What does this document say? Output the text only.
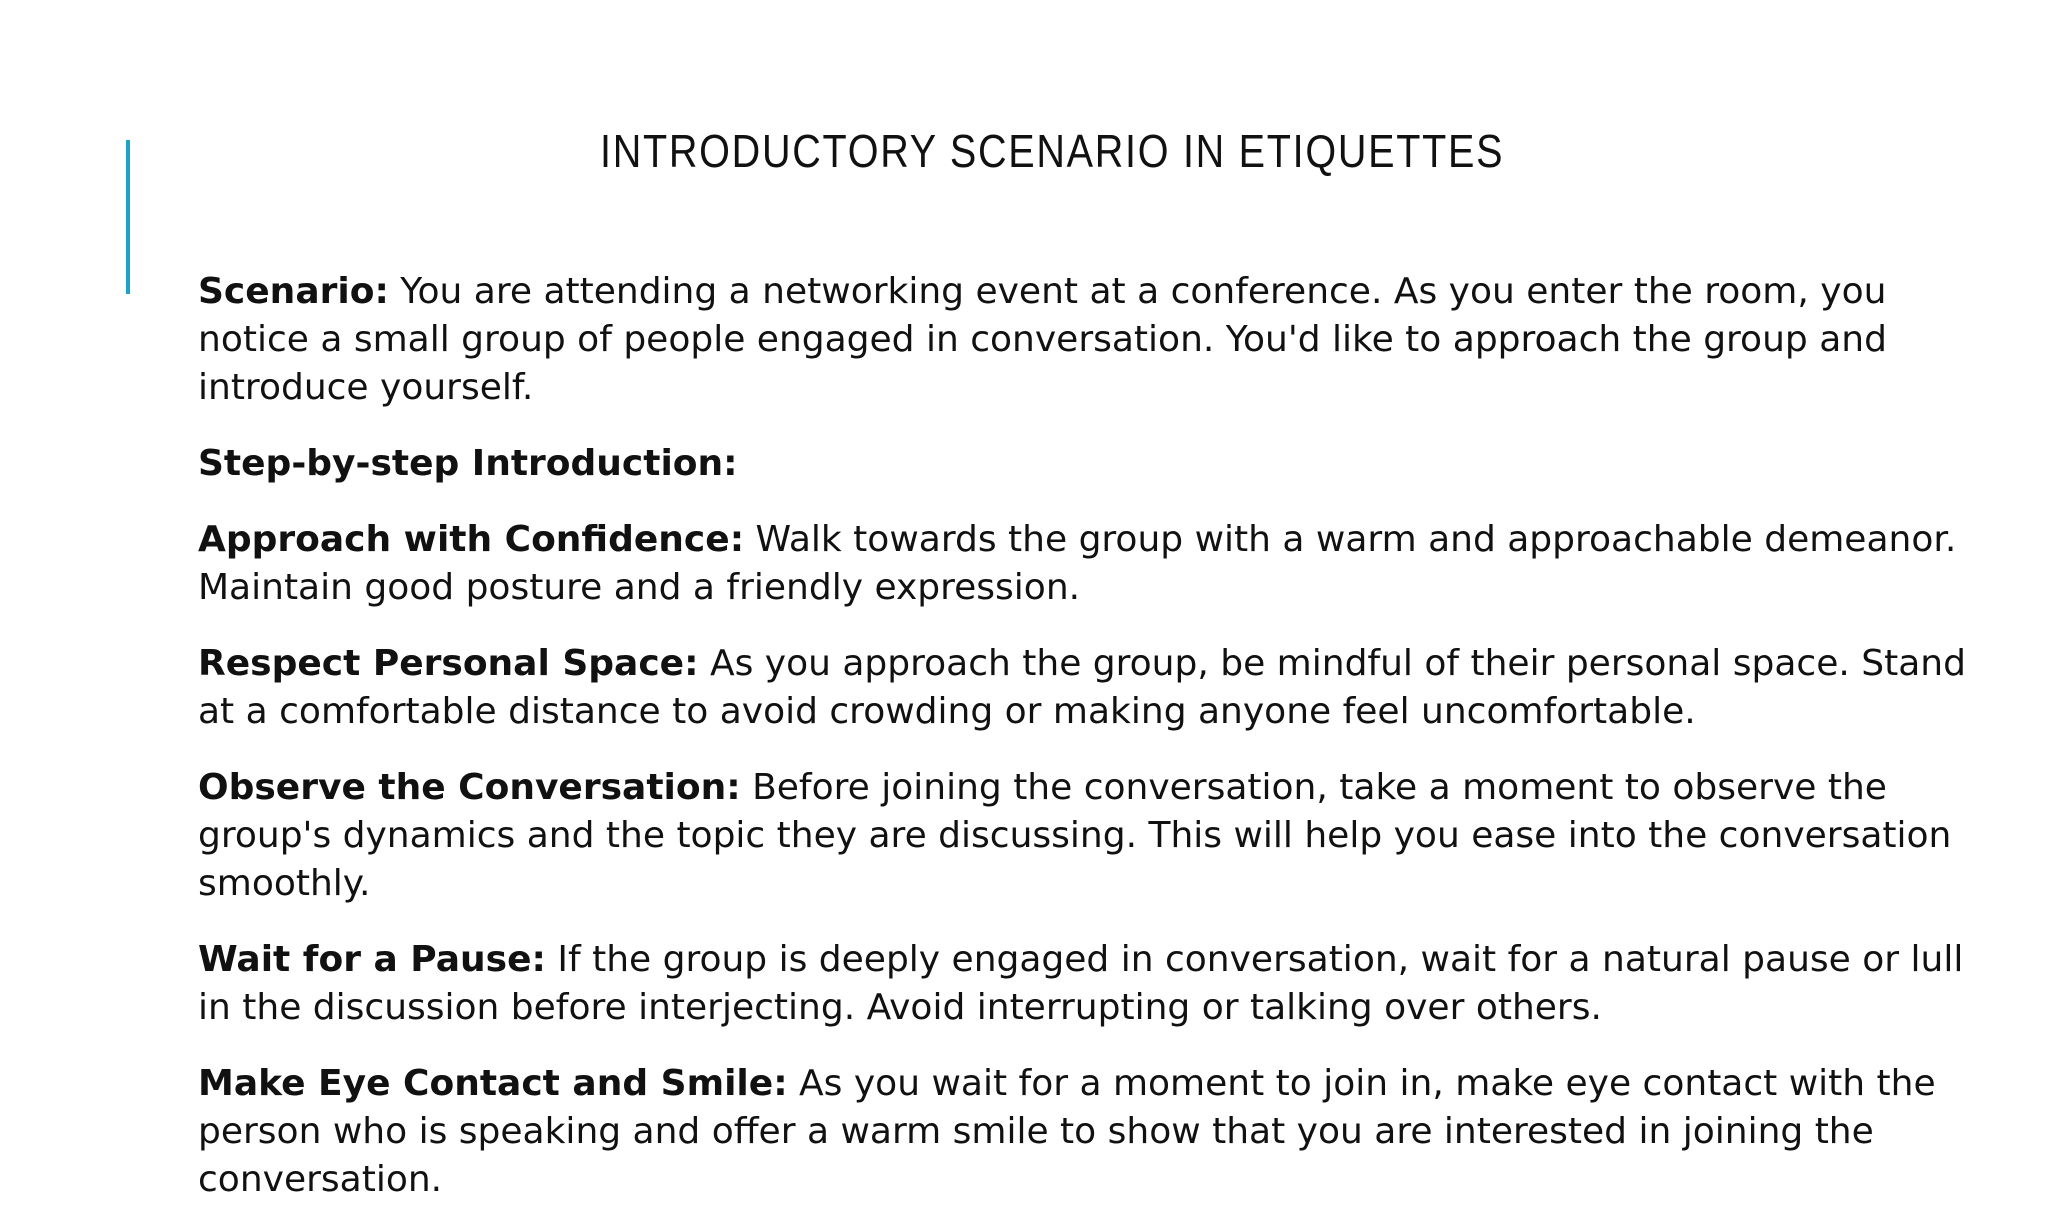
INTRODUCTORY SCENARIO IN ETIQUETTES

Scenario: You are attending a networking event at a conference. As you enter the room, you notice a small group of people engaged in conversation. You'd like to approach the group and introduce yourself.

Step-by-step Introduction:

Approach with Confidence: Walk towards the group with a warm and approachable demeanor. Maintain good posture and a friendly expression.

Respect Personal Space: As you approach the group, be mindful of their personal space. Stand at a comfortable distance to avoid crowding or making anyone feel uncomfortable.

Observe the Conversation: Before joining the conversation, take a moment to observe the group's dynamics and the topic they are discussing. This will help you ease into the conversation smoothly.

Wait for a Pause: If the group is deeply engaged in conversation, wait for a natural pause or lull in the discussion before interjecting. Avoid interrupting or talking over others.

Make Eye Contact and Smile: As you wait for a moment to join in, make eye contact with the person who is speaking and offer a warm smile to show that you are interested in joining the conversation.
